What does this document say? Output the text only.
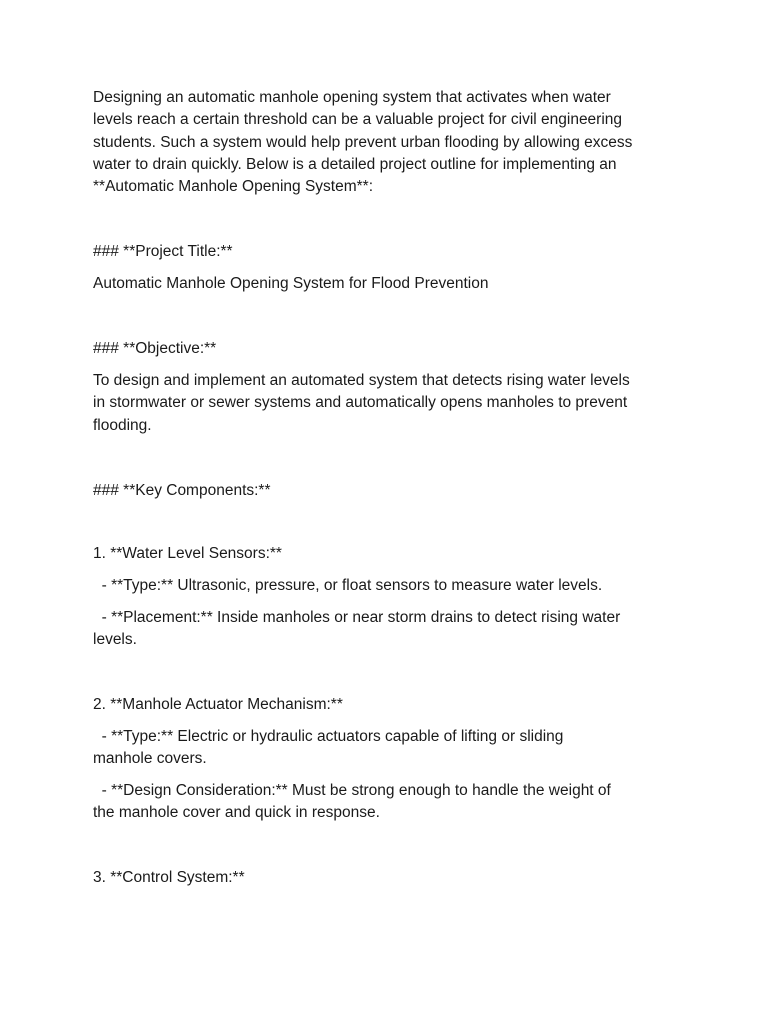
Designing an automatic manhole opening system that activates when water
levels reach a certain threshold can be a valuable project for civil engineering
students. Such a system would help prevent urban flooding by allowing excess
water to drain quickly. Below is a detailed project outline for implementing an
**Automatic Manhole Opening System**:
### **Project Title:**
Automatic Manhole Opening System for Flood Prevention
### **Objective:**
To design and implement an automated system that detects rising water levels
in stormwater or sewer systems and automatically opens manholes to prevent
flooding.
### **Key Components:**
1. **Water Level Sensors:**
- **Type:** Ultrasonic, pressure, or float sensors to measure water levels.
- **Placement:** Inside manholes or near storm drains to detect rising water
levels.
2. **Manhole Actuator Mechanism:**
- **Type:** Electric or hydraulic actuators capable of lifting or sliding
manhole covers.
- **Design Consideration:** Must be strong enough to handle the weight of
the manhole cover and quick in response.
3. **Control System:**
